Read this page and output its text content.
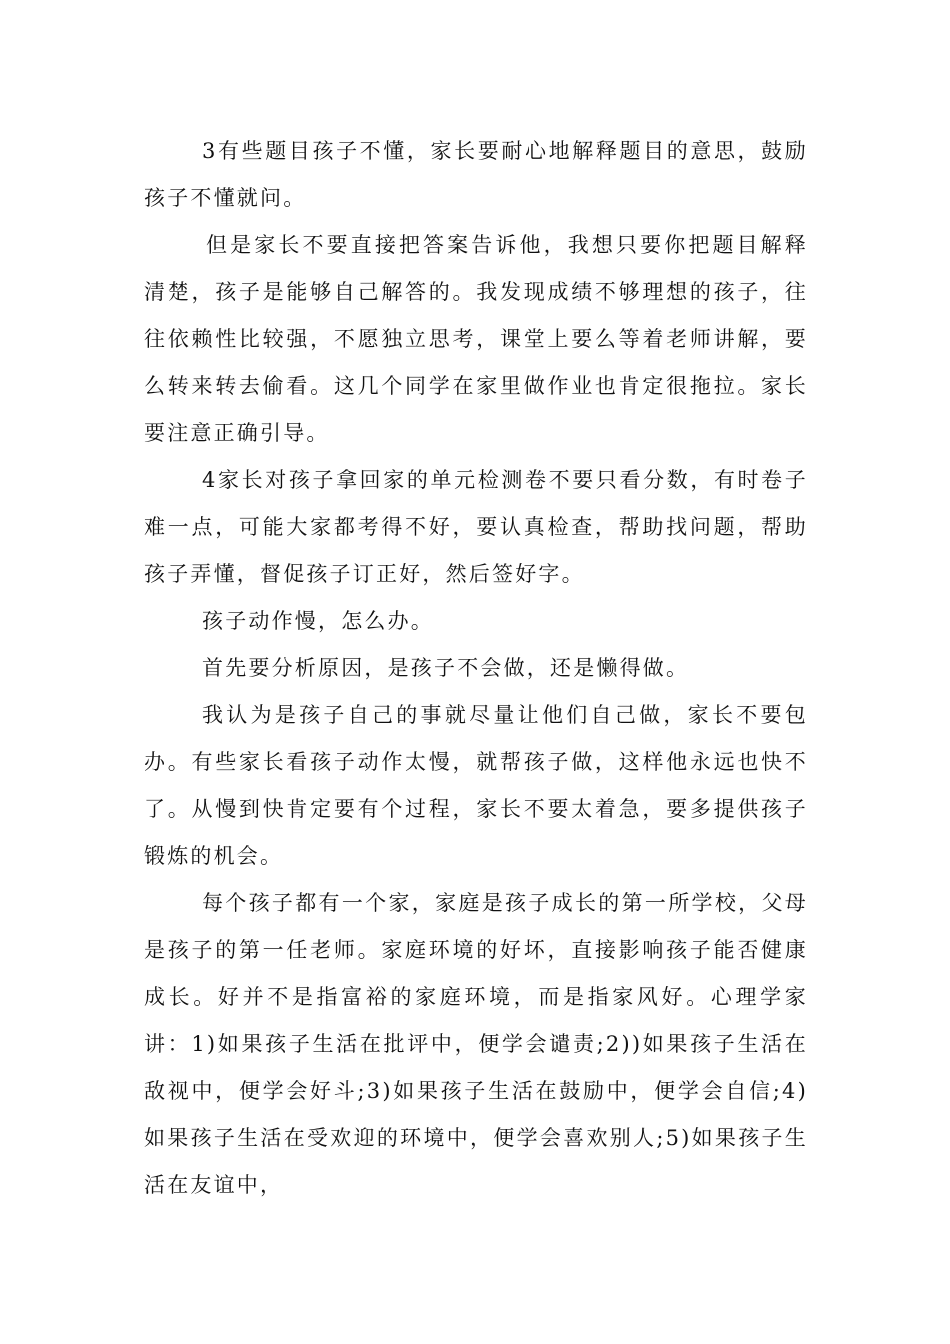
3有些题目孩子不懂，家长要耐心地解释题目的意思，鼓励孩子不懂就问。

但是家长不要直接把答案告诉他，我想只要你把题目解释清楚，孩子是能够自己解答的。我发现成绩不够理想的孩子，往往依赖性比较强，不愿独立思考，课堂上要么等着老师讲解，要么转来转去偷看。这几个同学在家里做作业也肯定很拖拉。家长要注意正确引导。

4家长对孩子拿回家的单元检测卷不要只看分数，有时卷子难一点，可能大家都考得不好，要认真检查，帮助找问题，帮助孩子弄懂，督促孩子订正好，然后签好字。

孩子动作慢，怎么办。

首先要分析原因，是孩子不会做，还是懒得做。

我认为是孩子自己的事就尽量让他们自己做，家长不要包办。有些家长看孩子动作太慢，就帮孩子做，这样他永远也快不了。从慢到快肯定要有个过程，家长不要太着急，要多提供孩子锻炼的机会。

每个孩子都有一个家，家庭是孩子成长的第一所学校，父母是孩子的第一任老师。家庭环境的好坏，直接影响孩子能否健康成长。好并不是指富裕的家庭环境，而是指家风好。心理学家讲：1)如果孩子生活在批评中，便学会谴责;2))如果孩子生活在敌视中，便学会好斗;3)如果孩子生活在鼓励中，便学会自信;4)如果孩子生活在受欢迎的环境中，便学会喜欢别人;5)如果孩子生活在友谊中，
